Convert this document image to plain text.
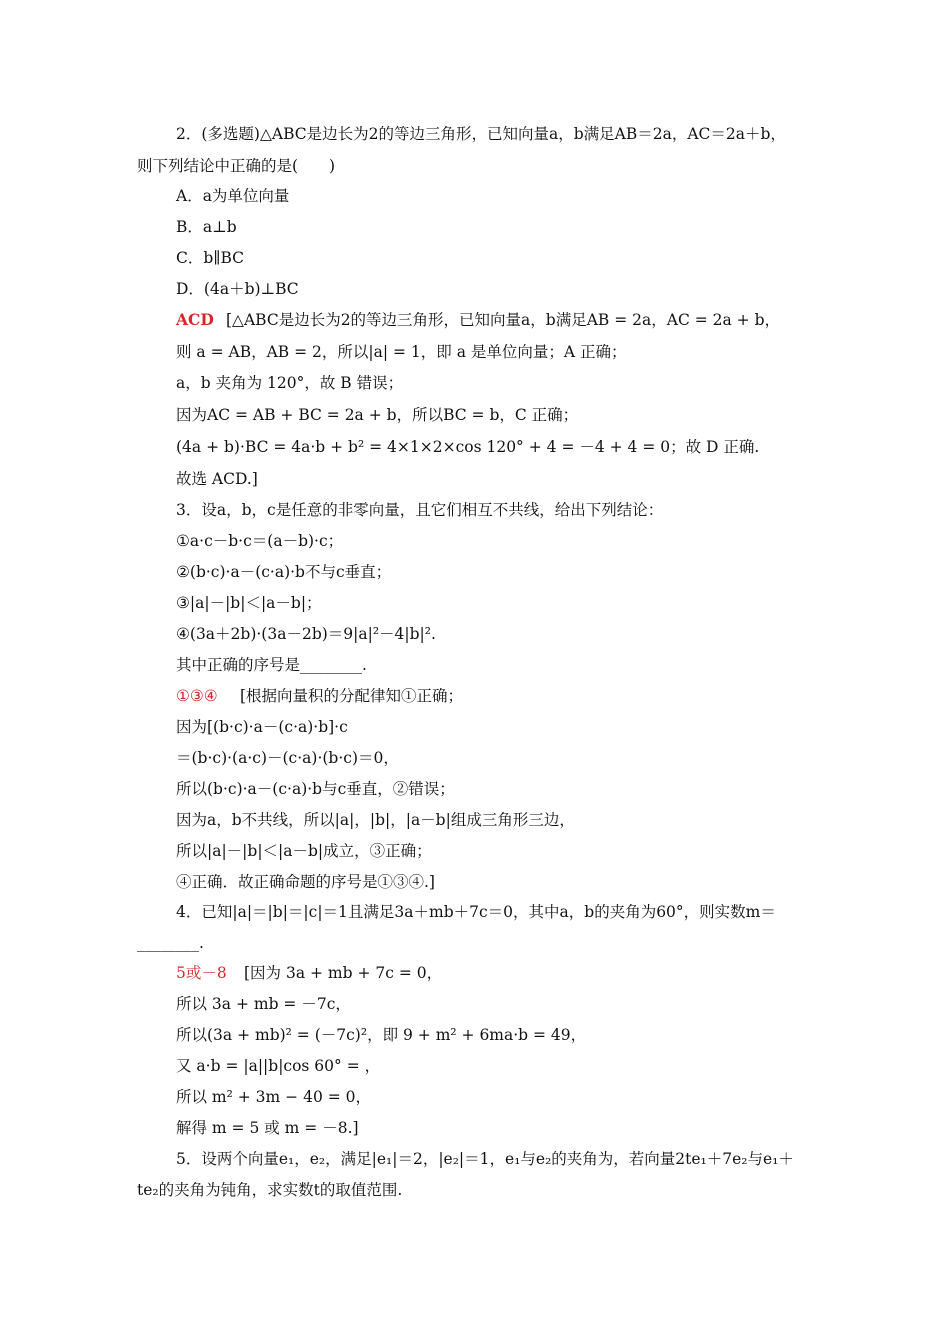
2．(多选题)△ABC是边长为2的等边三角形，已知向量a，b满足AB＝2a，AC＝2a＋b，
则下列结论中正确的是(　　)
A．a为单位向量
B．a⊥b
C．b∥BC
D．(4a＋b)⊥BC
ACD [△ABC是边长为2的等边三角形，已知向量a，b满足AB = 2a，AC = 2a + b，
则 a = AB，AB = 2，所以|a| = 1，即 a 是单位向量；A 正确；
a，b 夹角为 120°，故 B 错误；
因为AC = AB + BC = 2a + b，所以BC = b，C 正确；
(4a + b)·BC = 4a·b + b² = 4×1×2×cos 120° + 4 = －4 + 4 = 0；故 D 正确.
故选 ACD.]
3．设a，b，c是任意的非零向量，且它们相互不共线，给出下列结论：
①a·c－b·c＝(a－b)·c；
②(b·c)·a－(c·a)·b不与c垂直；
③|a|－|b|＜|a－b|；
④(3a＋2b)·(3a－2b)＝9|a|²－4|b|².
其中正确的序号是________.
①③④ [根据向量积的分配律知①正确；
因为[(b·c)·a－(c·a)·b]·c
＝(b·c)·(a·c)－(c·a)·(b·c)＝0，
所以(b·c)·a－(c·a)·b与c垂直，②错误；
因为a，b不共线，所以|a|，|b|，|a－b|组成三角形三边，
所以|a|－|b|＜|a－b|成立，③正确；
④正确．故正确命题的序号是①③④.]
4．已知|a|＝|b|＝|c|＝1且满足3a＋mb＋7c＝0，其中a，b的夹角为60°，则实数m＝
________.
5或－8 [因为 3a + mb + 7c = 0，
所以 3a + mb = －7c，
所以(3a + mb)² = (－7c)²，即 9 + m² + 6ma·b = 49，
又 a·b = |a||b|cos 60° = ，
所以 m² + 3m − 40 = 0，
解得 m = 5 或 m = －8.]
5．设两个向量e₁，e₂，满足|e₁|＝2，|e₂|＝1，e₁与e₂的夹角为，若向量2te₁＋7e₂与e₁＋
te₂的夹角为钝角，求实数t的取值范围.
